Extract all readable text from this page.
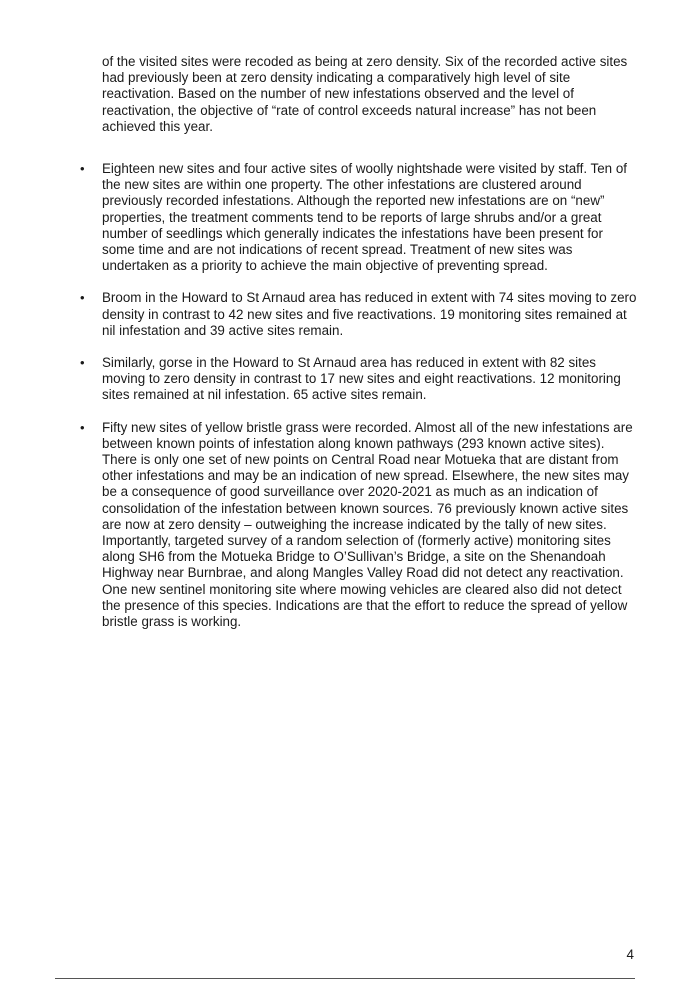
of the visited sites were recoded as being at zero density. Six of the recorded active sites had previously been at zero density indicating a comparatively high level of site reactivation. Based on the number of new infestations observed and the level of reactivation, the objective of “rate of control exceeds natural increase” has not been achieved this year.

• Eighteen new sites and four active sites of woolly nightshade were visited by staff. Ten of the new sites are within one property. The other infestations are clustered around previously recorded infestations. Although the reported new infestations are on “new” properties, the treatment comments tend to be reports of large shrubs and/or a great number of seedlings which generally indicates the infestations have been present for some time and are not indications of recent spread. Treatment of new sites was undertaken as a priority to achieve the main objective of preventing spread.
• Broom in the Howard to St Arnaud area has reduced in extent with 74 sites moving to zero density in contrast to 42 new sites and five reactivations. 19 monitoring sites remained at nil infestation and 39 active sites remain.
• Similarly, gorse in the Howard to St Arnaud area has reduced in extent with 82 sites moving to zero density in contrast to 17 new sites and eight reactivations. 12 monitoring sites remained at nil infestation. 65 active sites remain.
• Fifty new sites of yellow bristle grass were recorded. Almost all of the new infestations are between known points of infestation along known pathways (293 known active sites). There is only one set of new points on Central Road near Motueka that are distant from other infestations and may be an indication of new spread. Elsewhere, the new sites may be a consequence of good surveillance over 2020-2021 as much as an indication of consolidation of the infestation between known sources. 76 previously known active sites are now at zero density – outweighing the increase indicated by the tally of new sites. Importantly, targeted survey of a random selection of (formerly active) monitoring sites along SH6 from the Motueka Bridge to O’Sullivan’s Bridge, a site on the Shenandoah Highway near Burnbrae, and along Mangles Valley Road did not detect any reactivation. One new sentinel monitoring site where mowing vehicles are cleared also did not detect the presence of this species. Indications are that the effort to reduce the spread of yellow bristle grass is working.
4
